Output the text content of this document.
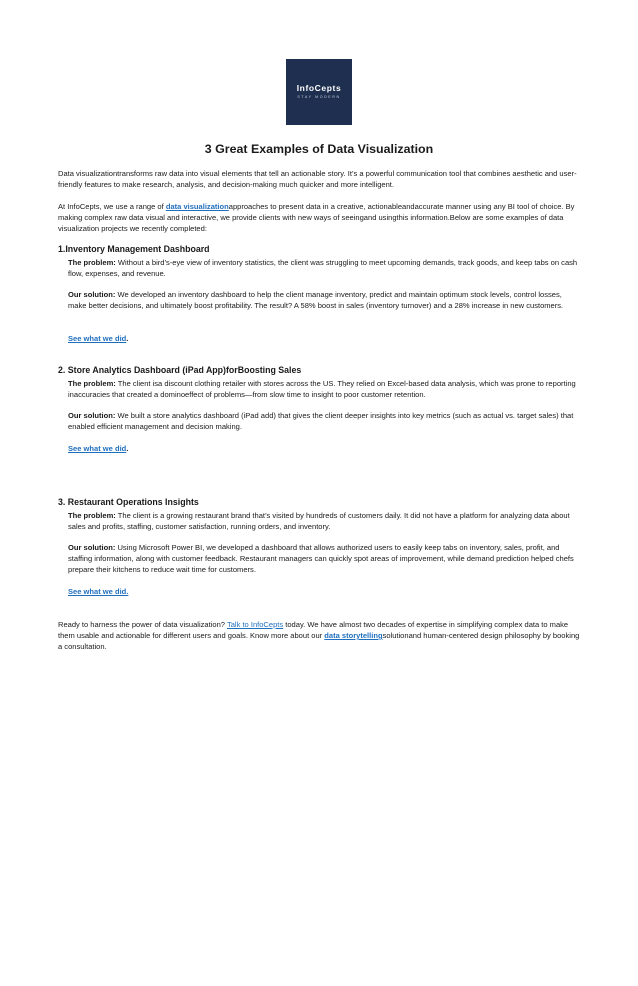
InfoCepts
STAY MODERN
3 Great Examples of Data Visualization

Data visualizationtransforms raw data into visual elements that tell an actionable story. It’s a powerful communication tool that combines aesthetic and user-friendly features to make research, analysis, and decision-making much quicker and more intelligent.

At InfoCepts, we use a range of data visualizationapproaches to present data in a creative, actionableandaccurate manner using any BI tool of choice. By making complex raw data visual and interactive, we provide clients with new ways of seeingand usingthis information.Below are some examples of data visualization projects we recently completed:

1.Inventory Management Dashboard

The problem: Without a bird’s-eye view of inventory statistics, the client was struggling to meet upcoming demands, track goods, and keep tabs on cash flow, expenses, and revenue.

Our solution: We developed an inventory dashboard to help the client manage inventory, predict and maintain optimum stock levels, control losses, make better decisions, and ultimately boost profitability. The result? A 58% boost in sales (inventory turnover) and a 28% increase in new customers.

See what we did.

2. Store Analytics Dashboard (iPad App)forBoosting Sales

The problem: The client isa discount clothing retailer with stores across the US. They relied on Excel-based data analysis, which was prone to reporting inaccuracies that created a dominoeffect of problems—from slow time to insight to poor customer retention.

Our solution: We built a store analytics dashboard (iPad add) that gives the client deeper insights into key metrics (such as actual vs. target sales) that enabled efficient management and decision making.

See what we did.

3. Restaurant Operations Insights

The problem: The client is a growing restaurant brand that’s visited by hundreds of customers daily. It did not have a platform for analyzing data about sales and profits, staffing, customer satisfaction, running orders, and inventory.

Our solution: Using Microsoft Power BI, we developed a dashboard that allows authorized users to easily keep tabs on inventory, sales, profit, and staffing information, along with customer feedback. Restaurant managers can quickly spot areas of improvement, while demand prediction helped chefs prepare their kitchens to reduce wait time for customers.

See what we did.

Ready to harness the power of data visualization? Talk to InfoCepts today. We have almost two decades of expertise in simplifying complex data to make them usable and actionable for different users and goals. Know more about our data storytellingsolutionand human-centered design philosophy by booking a consultation.
